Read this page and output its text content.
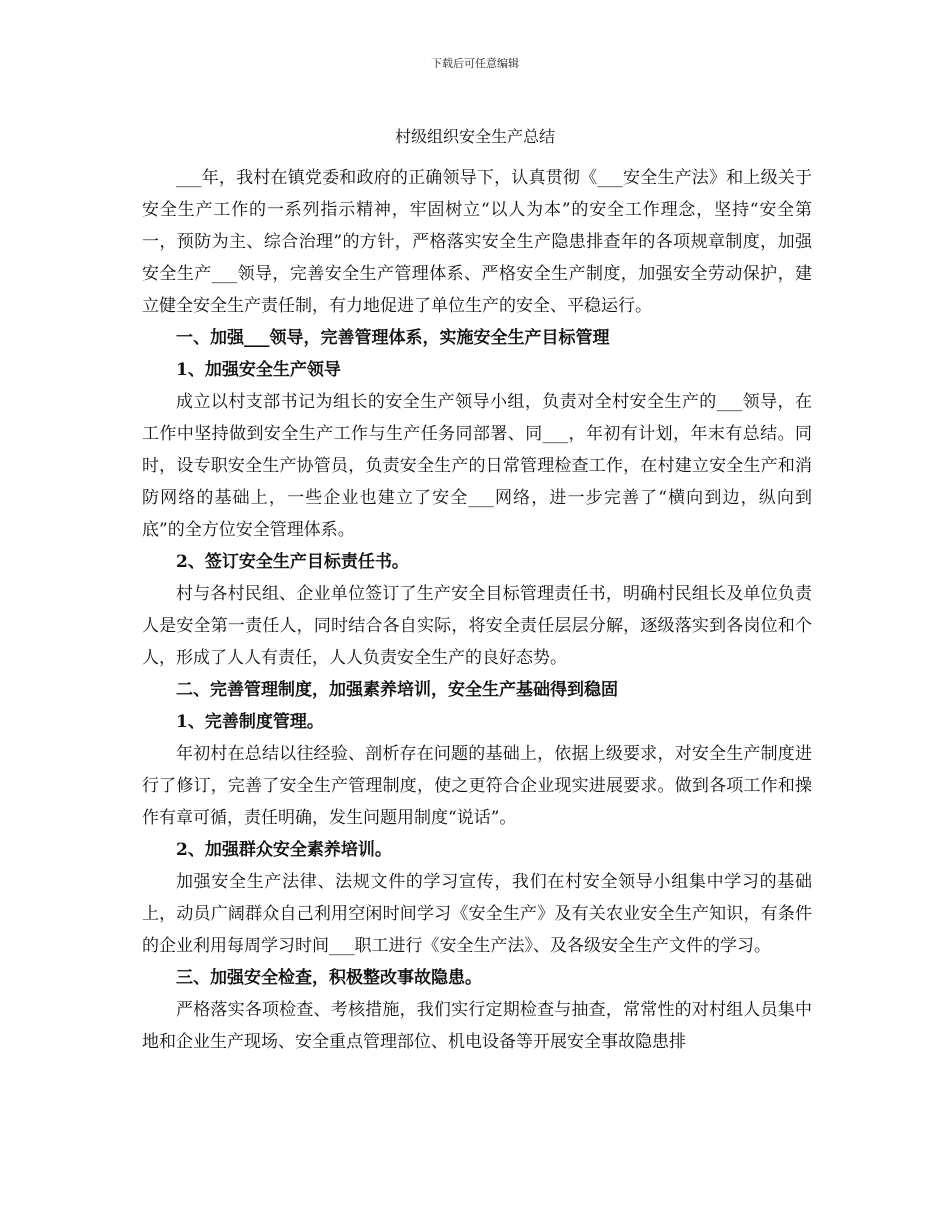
下载后可任意编辑
村级组织安全生产总结

___年，我村在镇党委和政府的正确领导下，认真贯彻《___安全生产法》和上级关于安全生产工作的一系列指示精神，牢固树立“以人为本”的安全工作理念，坚持“安全第一，预防为主、综合治理”的方针，严格落实安全生产隐患排查年的各项规章制度，加强安全生产___领导，完善安全生产管理体系、严格安全生产制度，加强安全劳动保护，建立健全安全生产责任制，有力地促进了单位生产的安全、平稳运行。

一、加强___领导，完善管理体系，实施安全生产目标管理

1、加强安全生产领导

成立以村支部书记为组长的安全生产领导小组，负责对全村安全生产的___领导，在工作中坚持做到安全生产工作与生产任务同部署、同___，年初有计划，年末有总结。同时，设专职安全生产协管员，负责安全生产的日常管理检查工作，在村建立安全生产和消防网络的基础上，一些企业也建立了安全___网络，进一步完善了“横向到边，纵向到底”的全方位安全管理体系。

2、签订安全生产目标责任书。

村与各村民组、企业单位签订了生产安全目标管理责任书，明确村民组长及单位负责人是安全第一责任人，同时结合各自实际，将安全责任层层分解，逐级落实到各岗位和个人，形成了人人有责任，人人负责安全生产的良好态势。

二、完善管理制度，加强素养培训，安全生产基础得到稳固

1、完善制度管理。

年初村在总结以往经验、剖析存在问题的基础上，依据上级要求，对安全生产制度进行了修订，完善了安全生产管理制度，使之更符合企业现实进展要求。做到各项工作和操作有章可循，责任明确，发生问题用制度“说话”。

2、加强群众安全素养培训。

加强安全生产法律、法规文件的学习宣传，我们在村安全领导小组集中学习的基础上，动员广阔群众自己利用空闲时间学习《安全生产》及有关农业安全生产知识，有条件的企业利用每周学习时间___职工进行《安全生产法》、及各级安全生产文件的学习。

三、加强安全检查，积极整改事故隐患。

严格落实各项检查、考核措施，我们实行定期检查与抽查，常常性的对村组人员集中地和企业生产现场、安全重点管理部位、机电设备等开展安全事故隐患排
